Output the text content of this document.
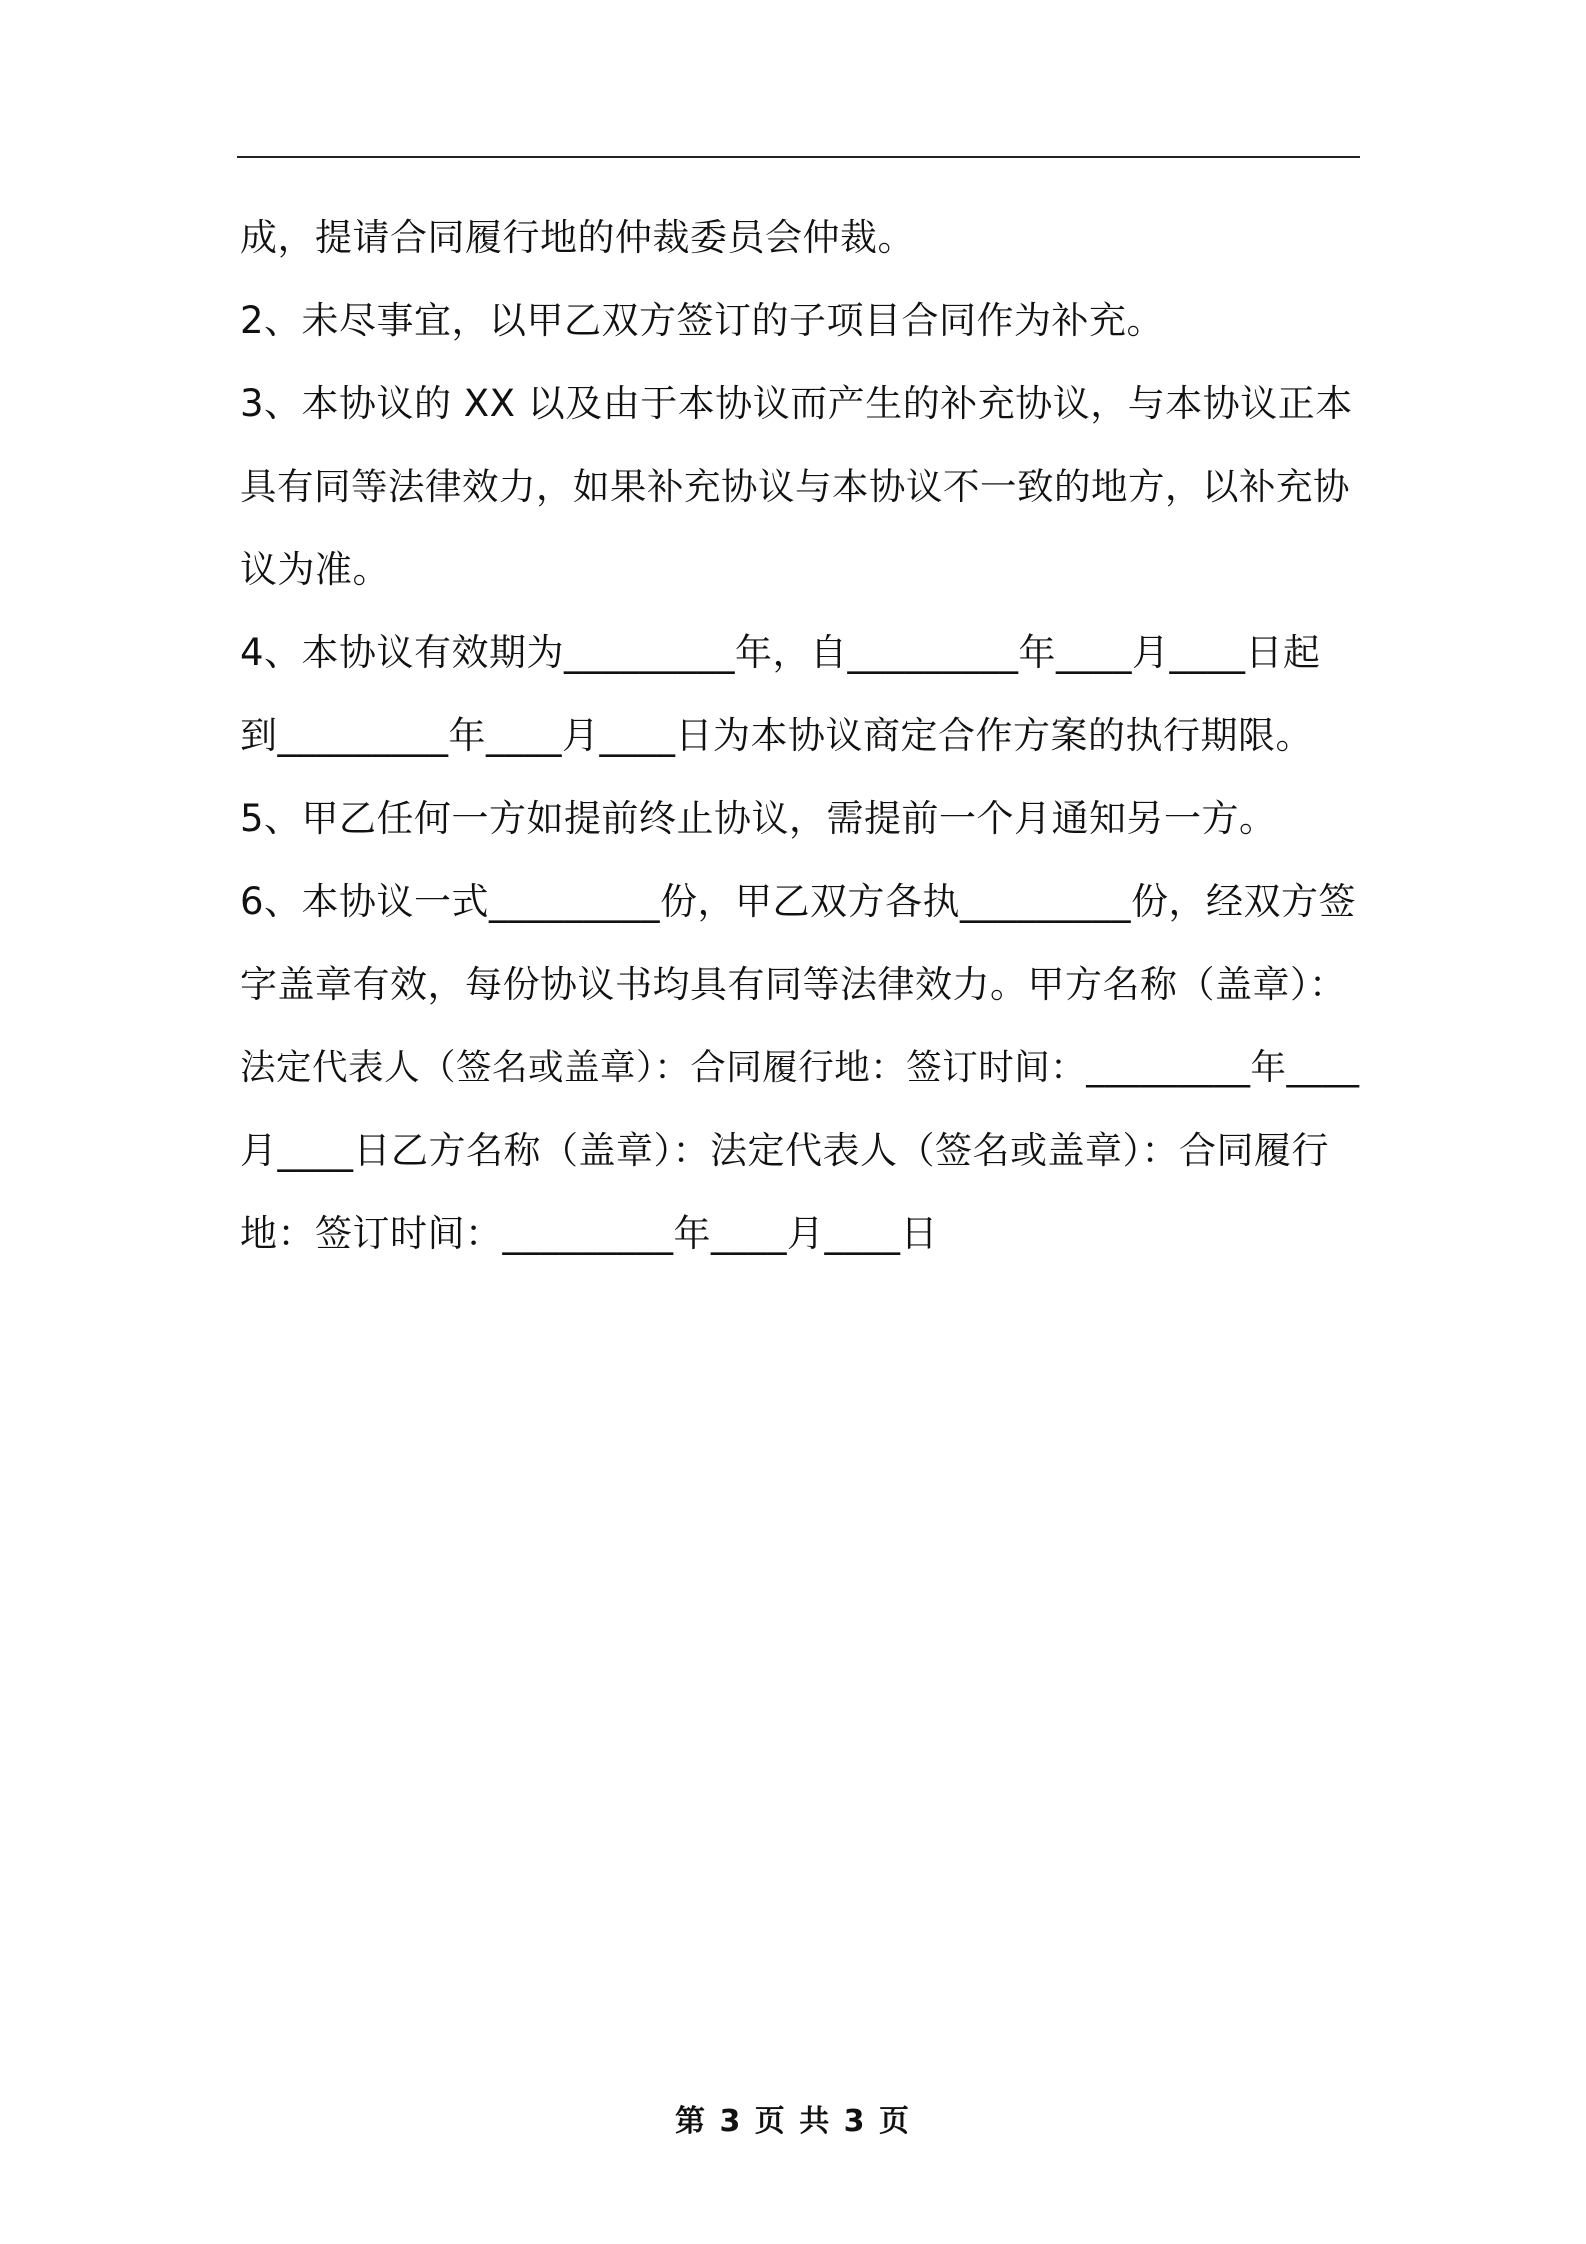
成，提请合同履行地的仲裁委员会仲裁。
2、未尽事宜，以甲乙双方签订的子项目合同作为补充。
3、本协议的 XX 以及由于本协议而产生的补充协议，与本协议正本
具有同等法律效力，如果补充协议与本协议不一致的地方，以补充协
议为准。
4、本协议有效期为_________年，自_________年____月____日起
到_________年____月____日为本协议商定合作方案的执行期限。
5、甲乙任何一方如提前终止协议，需提前一个月通知另一方。
6、本协议一式_________份，甲乙双方各执_________份，经双方签
字盖章有效，每份协议书均具有同等法律效力。甲方名称（盖章）：
法定代表人（签名或盖章）：合同履行地：签订时间：_________年____
月____日乙方名称（盖章）：法定代表人（签名或盖章）：合同履行
地：签订时间：_________年____月____日
第 3 页 共 3 页
